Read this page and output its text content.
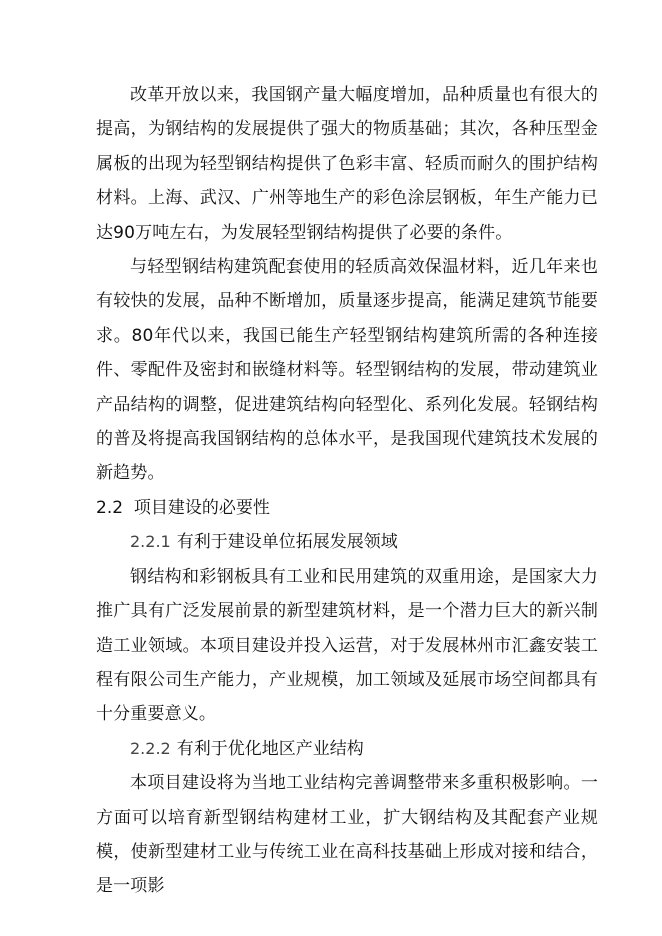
改革开放以来，我国钢产量大幅度增加，品种质量也有很大的提高，为钢结构的发展提供了强大的物质基础；其次，各种压型金属板的出现为轻型钢结构提供了色彩丰富、轻质而耐久的围护结构材料。上海、武汉、广州等地生产的彩色涂层钢板，年生产能力已达90万吨左右，为发展轻型钢结构提供了必要的条件。

与轻型钢结构建筑配套使用的轻质高效保温材料，近几年来也有较快的发展，品种不断增加，质量逐步提高，能满足建筑节能要求。80年代以来，我国已能生产轻型钢结构建筑所需的各种连接件、零配件及密封和嵌缝材料等。轻型钢结构的发展，带动建筑业产品结构的调整，促进建筑结构向轻型化、系列化发展。轻钢结构的普及将提高我国钢结构的总体水平，是我国现代建筑技术发展的新趋势。

2.2 项目建设的必要性
2.2.1 有利于建设单位拓展发展领域

钢结构和彩钢板具有工业和民用建筑的双重用途，是国家大力推广具有广泛发展前景的新型建筑材料，是一个潜力巨大的新兴制造工业领域。本项目建设并投入运营，对于发展林州市汇鑫安装工程有限公司生产能力，产业规模，加工领域及延展市场空间都具有十分重要意义。

2.2.2 有利于优化地区产业结构

本项目建设将为当地工业结构完善调整带来多重积极影响。一方面可以培育新型钢结构建材工业，扩大钢结构及其配套产业规模，使新型建材工业与传统工业在高科技基础上形成对接和结合，是一项影
